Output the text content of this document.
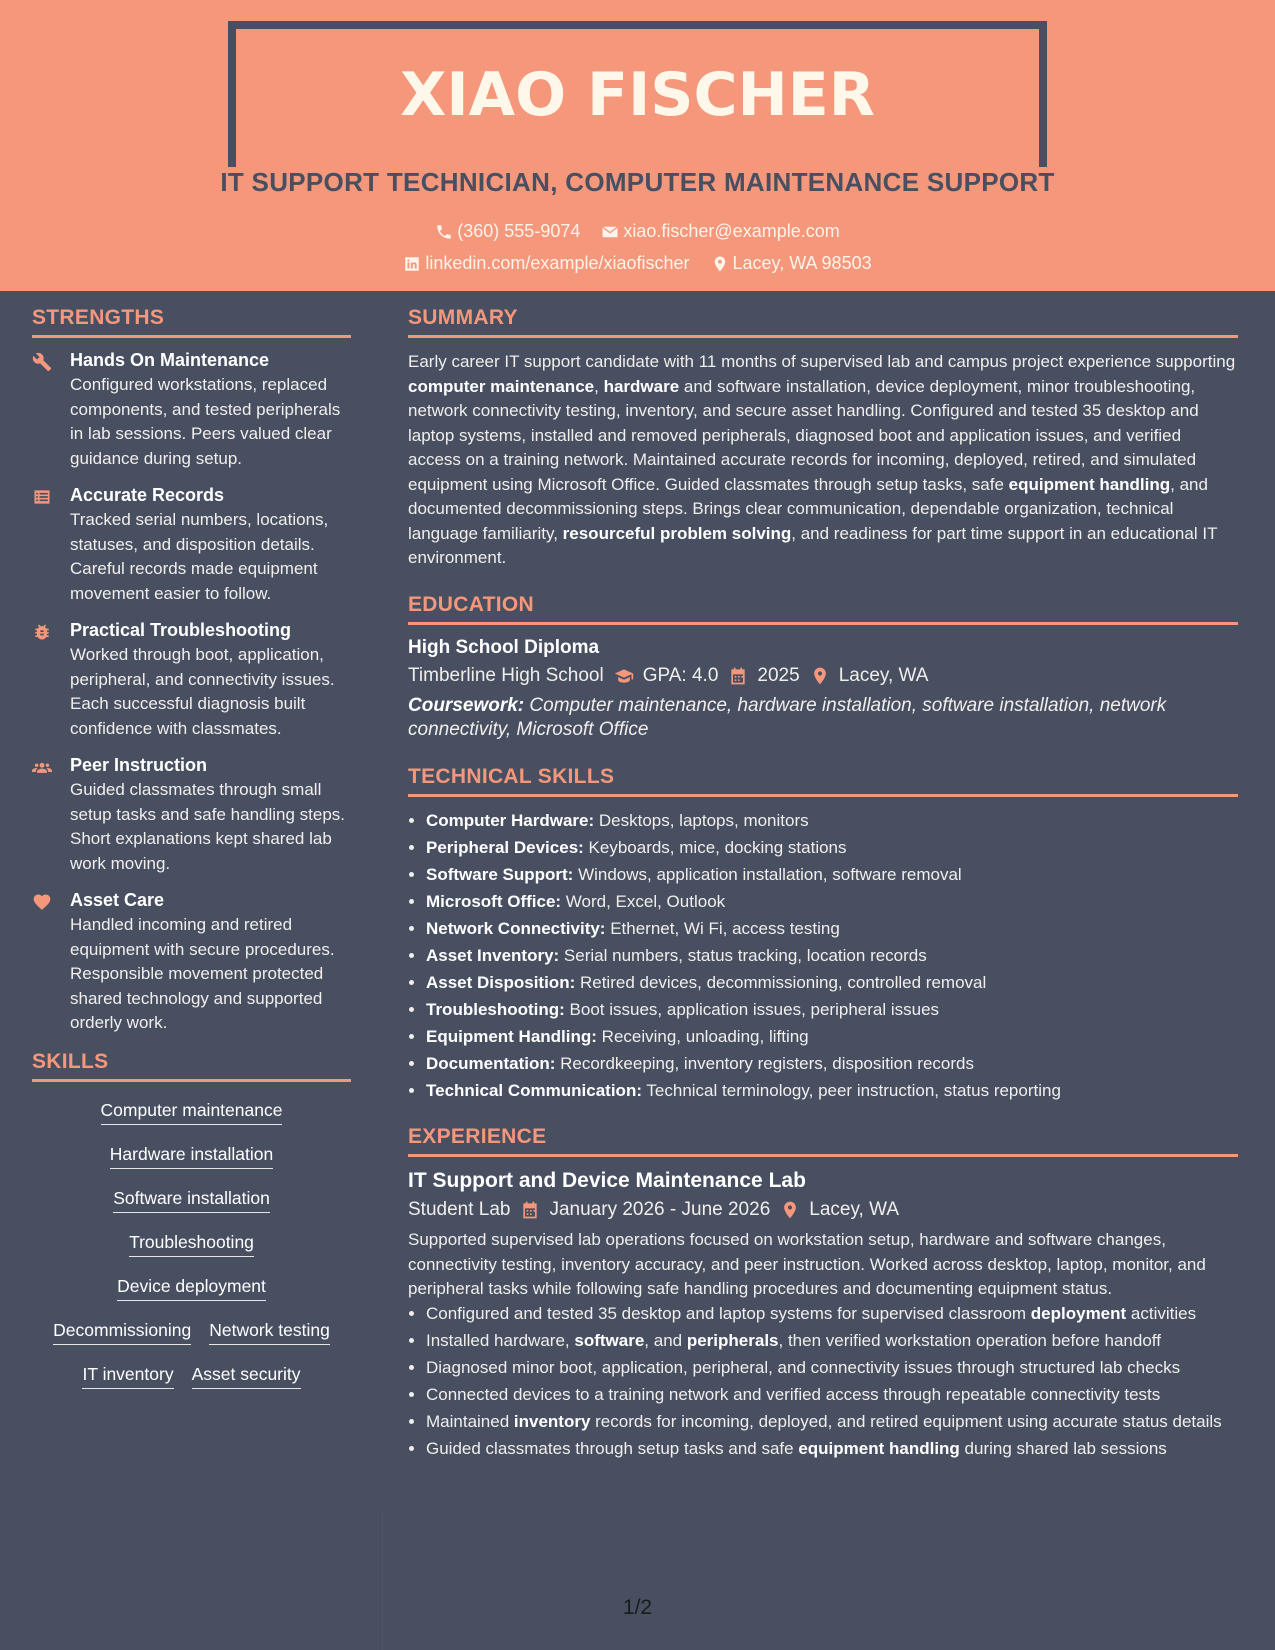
XIAO FISCHER
IT SUPPORT TECHNICIAN, COMPUTER MAINTENANCE SUPPORT
(360) 555-9074
xiao.fischer@example.com
linkedin.com/example/xiaofischer
Lacey, WA 98503
STRENGTHS
Hands On Maintenance
Configured workstations, replaced components, and tested peripherals in lab sessions. Peers valued clear guidance during setup.
Accurate Records
Tracked serial numbers, locations, statuses, and disposition details. Careful records made equipment movement easier to follow.
Practical Troubleshooting
Worked through boot, application, peripheral, and connectivity issues. Each successful diagnosis built confidence with classmates.
Peer Instruction
Guided classmates through small setup tasks and safe handling steps. Short explanations kept shared lab work moving.
Asset Care
Handled incoming and retired equipment with secure procedures. Responsible movement protected shared technology and supported orderly work.
SKILLS
Computer maintenance
Hardware installation
Software installation
Troubleshooting
Device deployment
Decommissioning Network testing
IT inventory Asset security
SUMMARY
Early career IT support candidate with 11 months of supervised lab and campus project experience supporting computer maintenance, hardware and software installation, device deployment, minor troubleshooting, network connectivity testing, inventory, and secure asset handling. Configured and tested 35 desktop and laptop systems, installed and removed peripherals, diagnosed boot and application issues, and verified access on a training network. Maintained accurate records for incoming, deployed, retired, and simulated equipment using Microsoft Office. Guided classmates through setup tasks, safe equipment handling, and documented decommissioning steps. Brings clear communication, dependable organization, technical language familiarity, resourceful problem solving, and readiness for part time support in an educational IT environment.
EDUCATION
High School Diploma
Timberline High School GPA: 4.0 2025 Lacey, WA
Coursework: Computer maintenance, hardware installation, software installation, network connectivity, Microsoft Office
TECHNICAL SKILLS
• Computer Hardware: Desktops, laptops, monitors
• Peripheral Devices: Keyboards, mice, docking stations
• Software Support: Windows, application installation, software removal
• Microsoft Office: Word, Excel, Outlook
• Network Connectivity: Ethernet, Wi Fi, access testing
• Asset Inventory: Serial numbers, status tracking, location records
• Asset Disposition: Retired devices, decommissioning, controlled removal
• Troubleshooting: Boot issues, application issues, peripheral issues
• Equipment Handling: Receiving, unloading, lifting
• Documentation: Recordkeeping, inventory registers, disposition records
• Technical Communication: Technical terminology, peer instruction, status reporting
EXPERIENCE
IT Support and Device Maintenance Lab
Student Lab January 2026 - June 2026 Lacey, WA
Supported supervised lab operations focused on workstation setup, hardware and software changes, connectivity testing, inventory accuracy, and peer instruction. Worked across desktop, laptop, monitor, and peripheral tasks while following safe handling procedures and documenting equipment status.
• Configured and tested 35 desktop and laptop systems for supervised classroom deployment activities
• Installed hardware, software, and peripherals, then verified workstation operation before handoff
• Diagnosed minor boot, application, peripheral, and connectivity issues through structured lab checks
• Connected devices to a training network and verified access through repeatable connectivity tests
• Maintained inventory records for incoming, deployed, and retired equipment using accurate status details
• Guided classmates through setup tasks and safe equipment handling during shared lab sessions
1/2
